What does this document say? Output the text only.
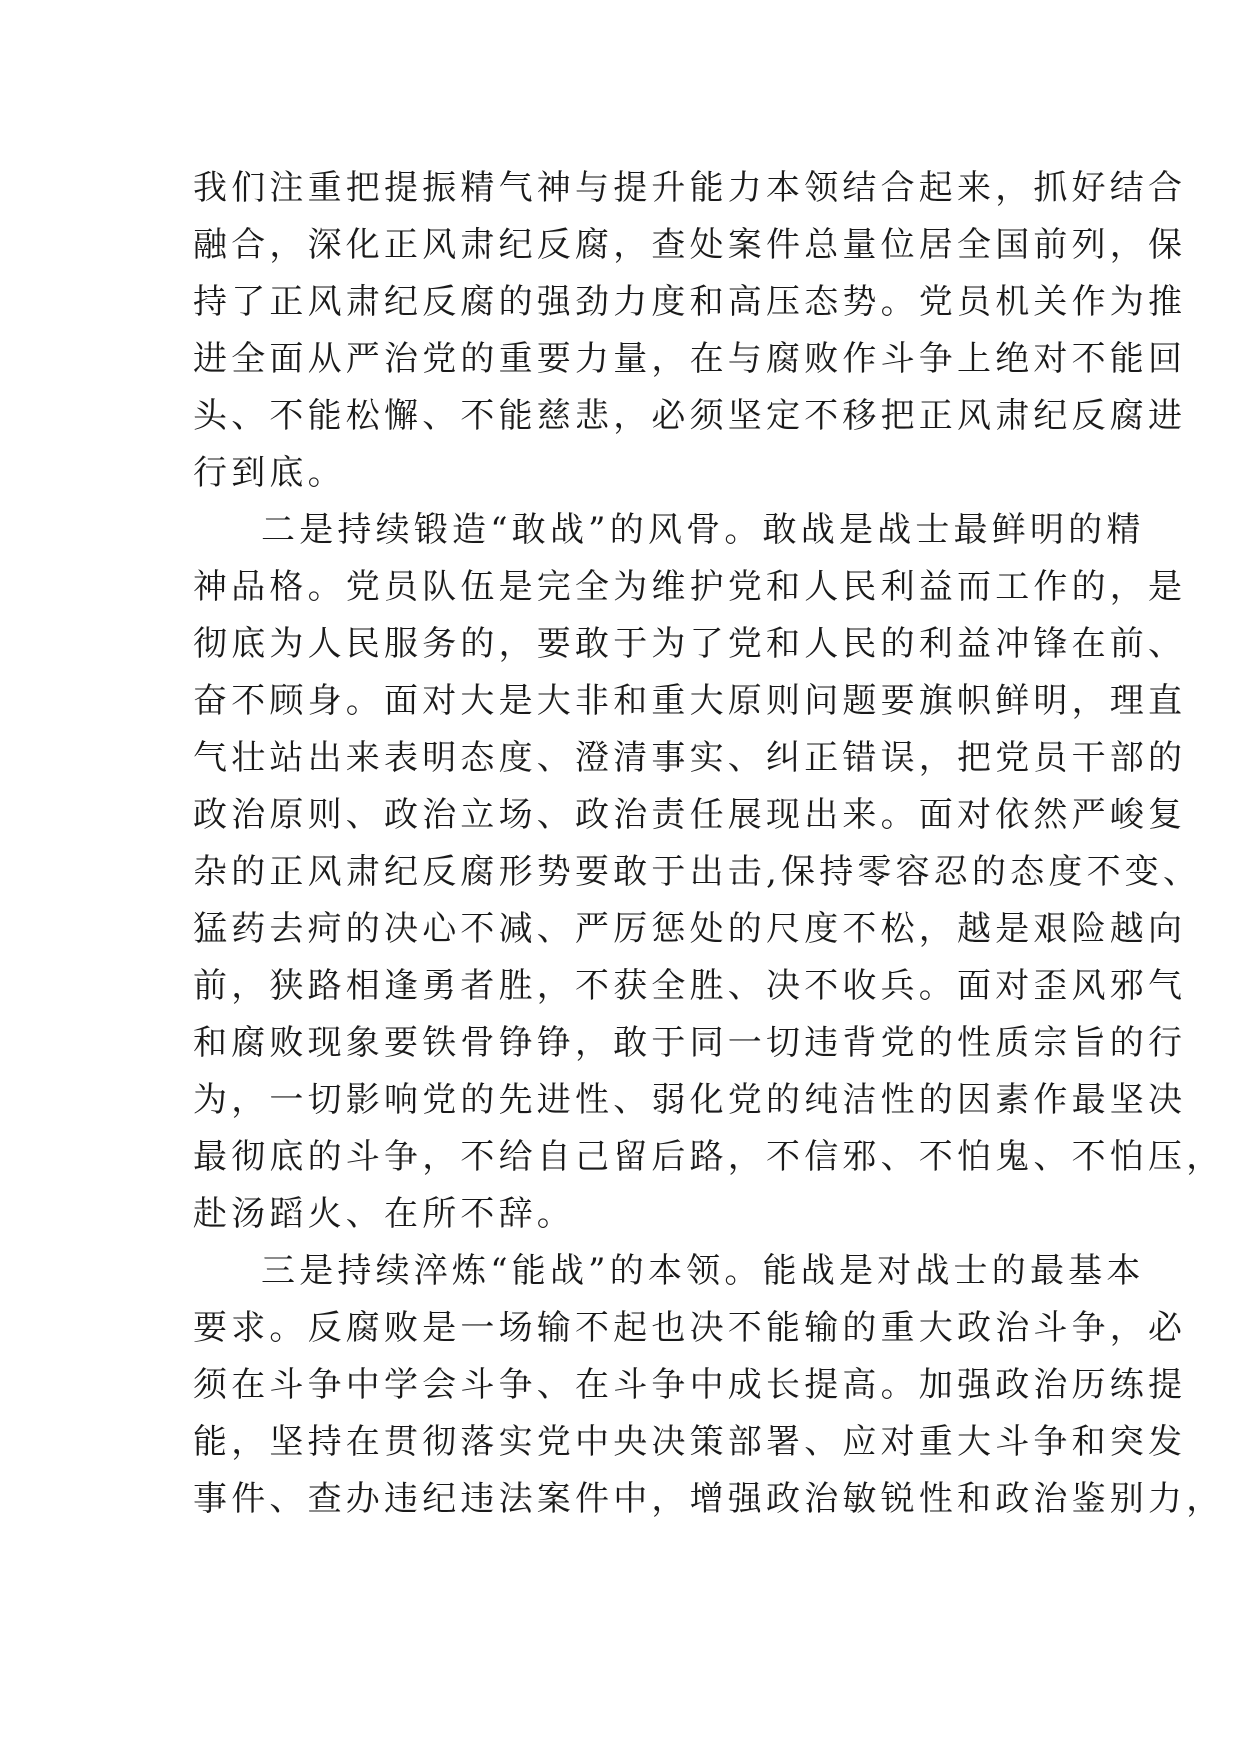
我们注重把提振精气神与提升能力本领结合起来，抓好结合
融合，深化正风肃纪反腐，查处案件总量位居全国前列，保
持了正风肃纪反腐的强劲力度和高压态势。党员机关作为推
进全面从严治党的重要力量，在与腐败作斗争上绝对不能回
头、不能松懈、不能慈悲，必须坚定不移把正风肃纪反腐进
行到底。
二是持续锻造“敢战”的风骨。敢战是战士最鲜明的精
神品格。党员队伍是完全为维护党和人民利益而工作的，是
彻底为人民服务的，要敢于为了党和人民的利益冲锋在前、
奋不顾身。面对大是大非和重大原则问题要旗帜鲜明，理直
气壮站出来表明态度、澄清事实、纠正错误，把党员干部的
政治原则、政治立场、政治责任展现出来。面对依然严峻复
杂的正风肃纪反腐形势要敢于出击,保持零容忍的态度不变、
猛药去疴的决心不减、严厉惩处的尺度不松，越是艰险越向
前，狭路相逢勇者胜，不获全胜、决不收兵。面对歪风邪气
和腐败现象要铁骨铮铮，敢于同一切违背党的性质宗旨的行
为，一切影响党的先进性、弱化党的纯洁性的因素作最坚决
最彻底的斗争，不给自己留后路，不信邪、不怕鬼、不怕压，
赴汤蹈火、在所不辞。
三是持续淬炼“能战”的本领。能战是对战士的最基本
要求。反腐败是一场输不起也决不能输的重大政治斗争，必
须在斗争中学会斗争、在斗争中成长提高。加强政治历练提
能，坚持在贯彻落实党中央决策部署、应对重大斗争和突发
事件、查办违纪违法案件中，增强政治敏锐性和政治鉴别力，
